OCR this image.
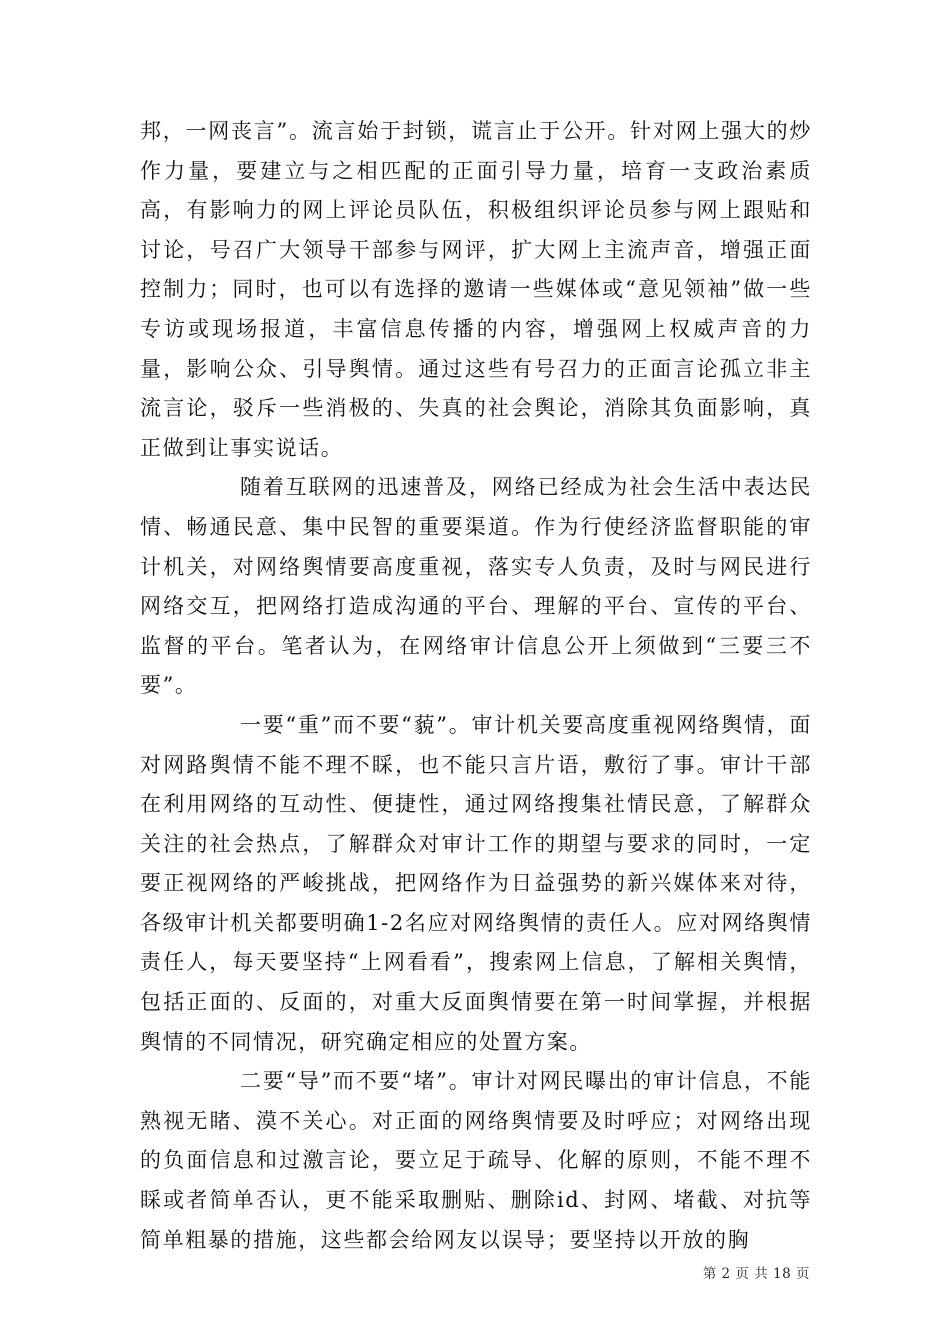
邦，一网丧言”。流言始于封锁，谎言止于公开。针对网上强大的炒作力量，要建立与之相匹配的正面引导力量，培育一支政治素质高，有影响力的网上评论员队伍，积极组织评论员参与网上跟贴和讨论，号召广大领导干部参与网评，扩大网上主流声音，增强正面控制力；同时，也可以有选择的邀请一些媒体或“意见领袖”做一些专访或现场报道，丰富信息传播的内容，增强网上权威声音的力量，影响公众、引导舆情。通过这些有号召力的正面言论孤立非主流言论，驳斥一些消极的、失真的社会舆论，消除其负面影响，真正做到让事实说话。

随着互联网的迅速普及，网络已经成为社会生活中表达民情、畅通民意、集中民智的重要渠道。作为行使经济监督职能的审计机关，对网络舆情要高度重视，落实专人负责，及时与网民进行网络交互，把网络打造成沟通的平台、理解的平台、宣传的平台、监督的平台。笔者认为，在网络审计信息公开上须做到“三要三不要”。

一要“重”而不要“藐”。审计机关要高度重视网络舆情，面对网路舆情不能不理不睬，也不能只言片语，敷衍了事。审计干部在利用网络的互动性、便捷性，通过网络搜集社情民意，了解群众关注的社会热点，了解群众对审计工作的期望与要求的同时，一定要正视网络的严峻挑战，把网络作为日益强势的新兴媒体来对待，各级审计机关都要明确1-2名应对网络舆情的责任人。应对网络舆情责任人，每天要坚持“上网看看”，搜索网上信息，了解相关舆情，包括正面的、反面的，对重大反面舆情要在第一时间掌握，并根据舆情的不同情况，研究确定相应的处置方案。

二要“导”而不要“堵”。审计对网民曝出的审计信息，不能熟视无睹、漠不关心。对正面的网络舆情要及时呼应；对网络出现的负面信息和过激言论，要立足于疏导、化解的原则，不能不理不睬或者简单否认，更不能采取删贴、删除id、封网、堵截、对抗等简单粗暴的措施，这些都会给网友以误导；要坚持以开放的胸

第 2 页 共 18 页
